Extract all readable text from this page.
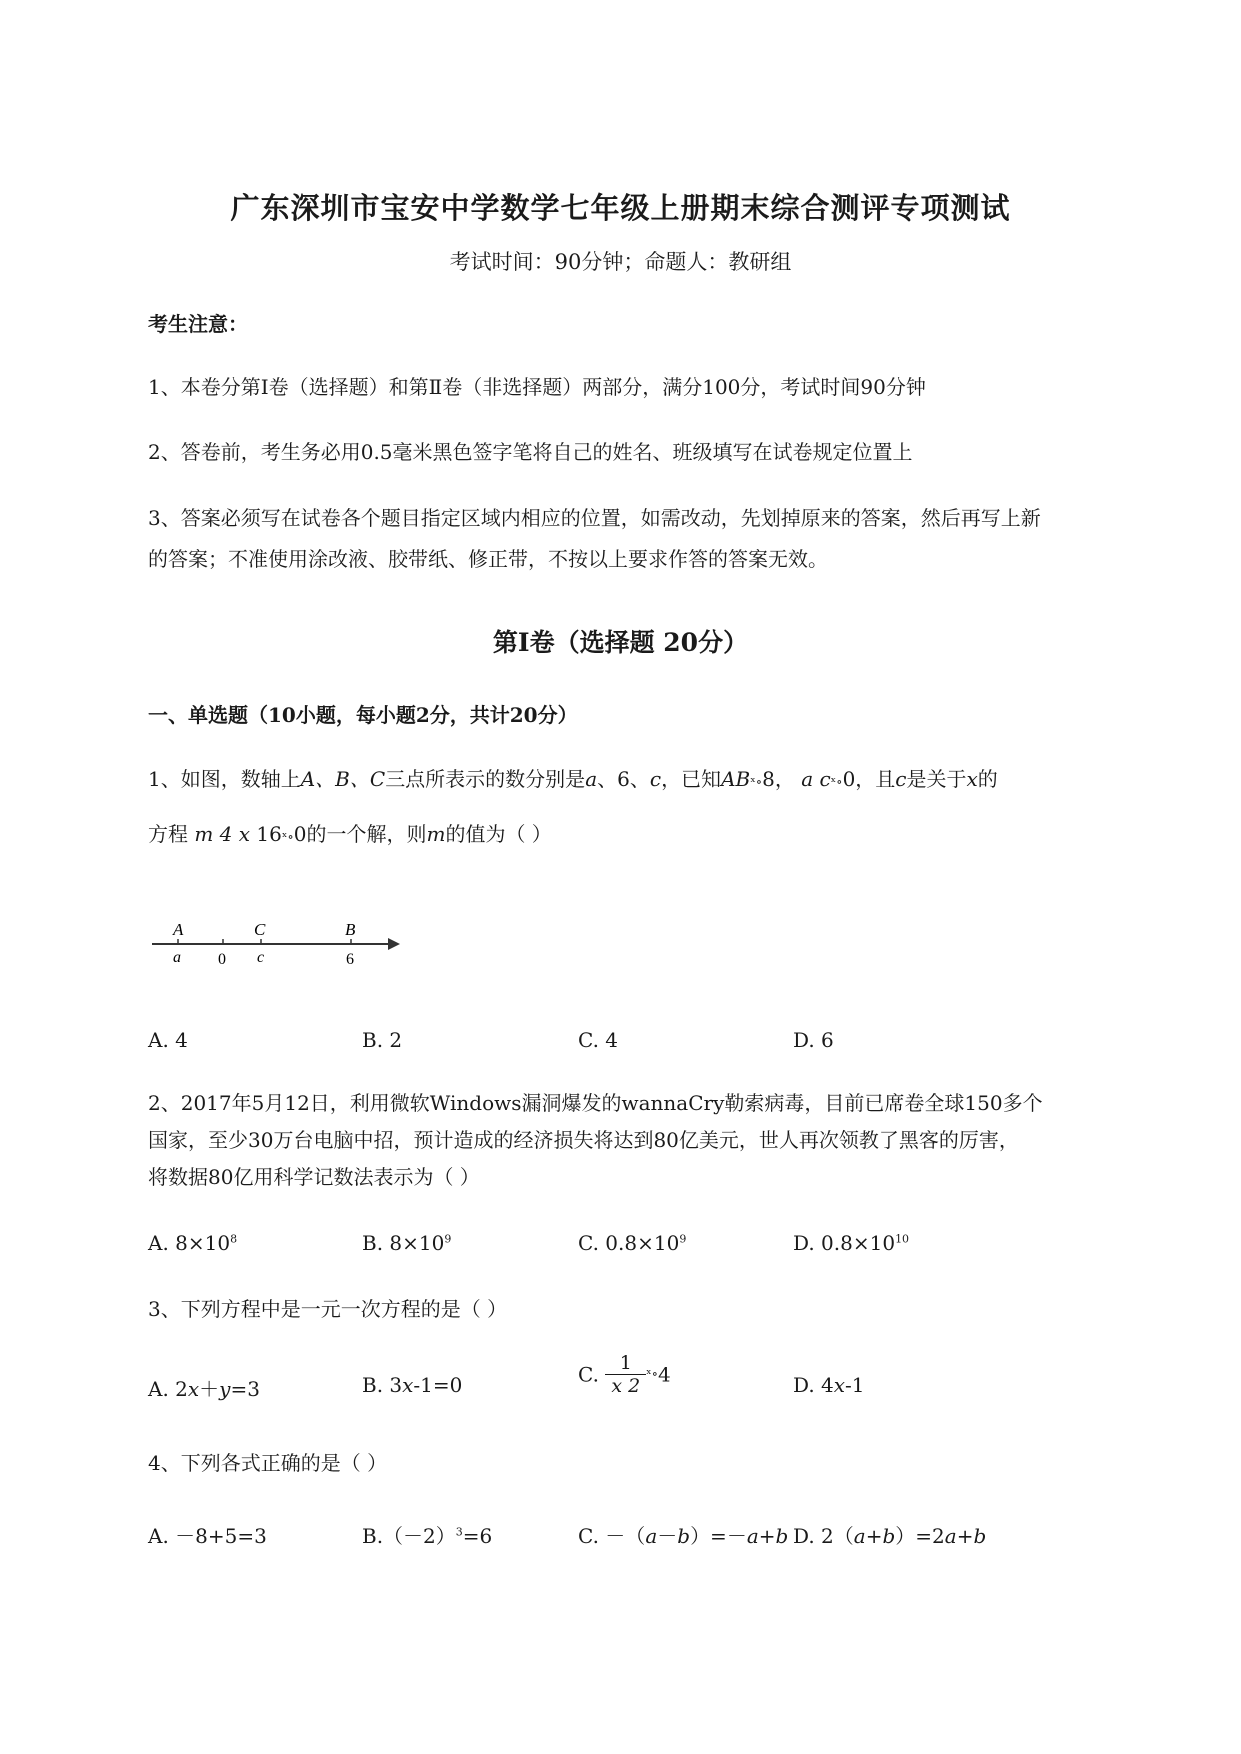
广东深圳市宝安中学数学七年级上册期末综合测评专项测试
考试时间：90分钟；命题人：教研组
考生注意：
1、本卷分第Ⅰ卷（选择题）和第Ⅱ卷（非选择题）两部分，满分100分，考试时间90分钟
2、答卷前，考生务必用0.5毫米黑色签字笔将自己的姓名、班级填写在试卷规定位置上
3、答案必须写在试卷各个题目指定区域内相应的位置，如需改动，先划掉原来的答案，然后再写上新
的答案；不准使用涂改液、胶带纸、修正带，不按以上要求作答的答案无效。
第Ⅰ卷（选择题 20分）
一、单选题（10小题，每小题2分，共计20分）
1、如图，数轴上A、B、C三点所表示的数分别是a、6、c，已知ABˣ∘8， a cˣ∘0，且c是关于x的
方程 m 4 x 16ˣ∘0的一个解，则m的值为（ ）
A	C	B
a 0 c	6
A. 4	B. 2	C. 4	D. 6
2、2017年5月12日，利用微软Windows漏洞爆发的wannaCry勒索病毒，目前已席卷全球150多个
国家，至少30万台电脑中招，预计造成的经济损失将达到80亿美元，世人再次领教了黑客的厉害，
将数据80亿用科学记数法表示为（ ）
A. $8\times 10^8$	B. $8\times 10^9$	C. $0.8\times 10^9$	D. $0.8\times 10^{10}$
3、下列方程中是一元一次方程的是（ ）
A. 2x＋y=3	B. 3x-1=0	C. $\frac{1}{x 2}$ ˣ∘4	D. 4x-1
4、下列各式正确的是（ ）
A. －8+5=3	$B.(-2)^3=6$	C. －（a－b）=－a+b D. 2（a+b）=2a+b
